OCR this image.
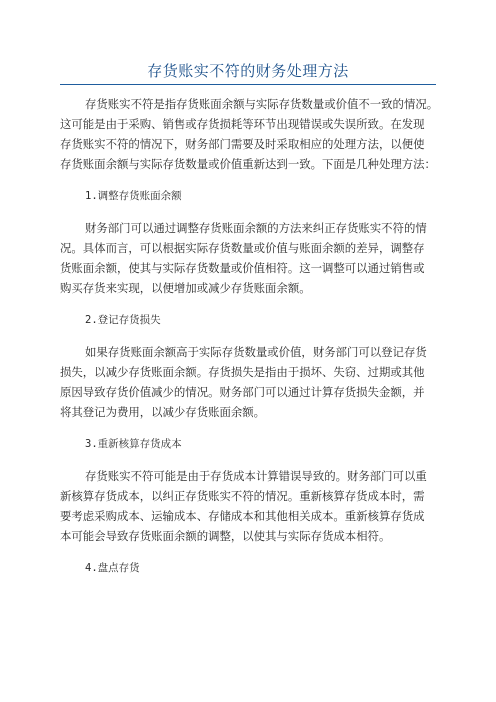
存货账实不符的财务处理方法
存货账实不符是指存货账面余额与实际存货数量或价值不一致的情况。
这可能是由于采购、销售或存货损耗等环节出现错误或失误所致。在发现
存货账实不符的情况下，财务部门需要及时采取相应的处理方法，以便使
存货账面余额与实际存货数量或价值重新达到一致。下面是几种处理方法：
1.调整存货账面余额
财务部门可以通过调整存货账面余额的方法来纠正存货账实不符的情
况。具体而言，可以根据实际存货数量或价值与账面余额的差异，调整存
货账面余额，使其与实际存货数量或价值相符。这一调整可以通过销售或
购买存货来实现，以便增加或减少存货账面余额。
2.登记存货损失
如果存货账面余额高于实际存货数量或价值，财务部门可以登记存货
损失，以减少存货账面余额。存货损失是指由于损坏、失窃、过期或其他
原因导致存货价值减少的情况。财务部门可以通过计算存货损失金额，并
将其登记为费用，以减少存货账面余额。
3.重新核算存货成本
存货账实不符可能是由于存货成本计算错误导致的。财务部门可以重
新核算存货成本，以纠正存货账实不符的情况。重新核算存货成本时，需
要考虑采购成本、运输成本、存储成本和其他相关成本。重新核算存货成
本可能会导致存货账面余额的调整，以使其与实际存货成本相符。
4.盘点存货
